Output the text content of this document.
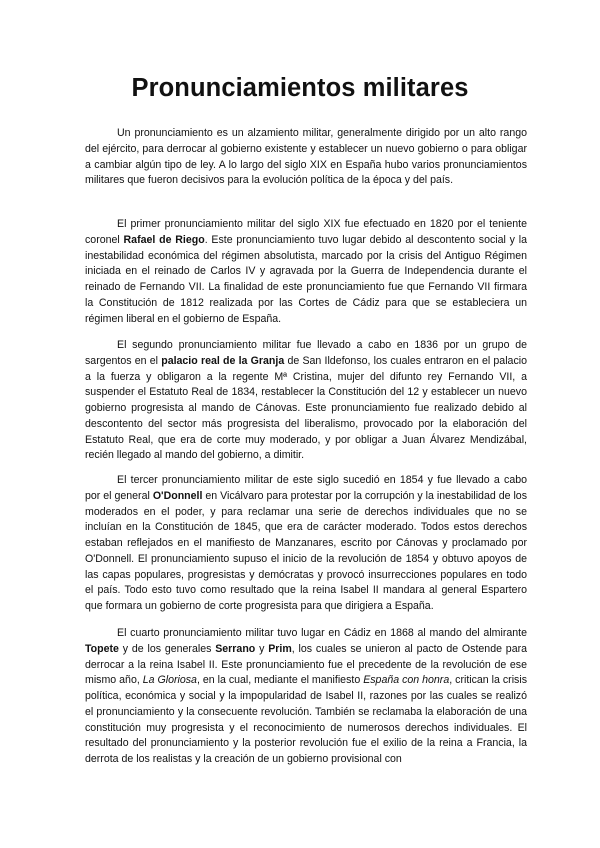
Pronunciamientos militares

Un pronunciamiento es un alzamiento militar, generalmente dirigido por un alto rango del ejército, para derrocar al gobierno existente y establecer un nuevo gobierno o para obligar a cambiar algún tipo de ley. A lo largo del siglo XIX en España hubo varios pronunciamientos militares que fueron decisivos para la evolución política de la época y del país.

El primer pronunciamiento militar del siglo XIX fue efectuado en 1820 por el teniente coronel Rafael de Riego. Este pronunciamiento tuvo lugar debido al descontento social y la inestabilidad económica del régimen absolutista, marcado por la crisis del Antiguo Régimen iniciada en el reinado de Carlos IV y agravada por la Guerra de Independencia durante el reinado de Fernando VII. La finalidad de este pronunciamiento fue que Fernando VII firmara la Constitución de 1812 realizada por las Cortes de Cádiz para que se estableciera un régimen liberal en el gobierno de España.

El segundo pronunciamiento militar fue llevado a cabo en 1836 por un grupo de sargentos en el palacio real de la Granja de San Ildefonso, los cuales entraron en el palacio a la fuerza y obligaron a la regente Mª Cristina, mujer del difunto rey Fernando VII, a suspender el Estatuto Real de 1834, restablecer la Constitución del 12 y establecer un nuevo gobierno progresista al mando de Cánovas. Este pronunciamiento fue realizado debido al descontento del sector más progresista del liberalismo, provocado por la elaboración del Estatuto Real, que era de corte muy moderado, y por obligar a Juan Álvarez Mendizábal, recién llegado al mando del gobierno, a dimitir.

El tercer pronunciamiento militar de este siglo sucedió en 1854 y fue llevado a cabo por el general O'Donnell en Vicálvaro para protestar por la corrupción y la inestabilidad de los moderados en el poder, y para reclamar una serie de derechos individuales que no se incluían en la Constitución de 1845, que era de carácter moderado. Todos estos derechos estaban reflejados en el manifiesto de Manzanares, escrito por Cánovas y proclamado por O'Donnell. El pronunciamiento supuso el inicio de la revolución de 1854 y obtuvo apoyos de las capas populares, progresistas y demócratas y provocó insurrecciones populares en todo el país. Todo esto tuvo como resultado que la reina Isabel II mandara al general Espartero que formara un gobierno de corte progresista para que dirigiera a España.

El cuarto pronunciamiento militar tuvo lugar en Cádiz en 1868 al mando del almirante Topete y de los generales Serrano y Prim, los cuales se unieron al pacto de Ostende para derrocar a la reina Isabel II. Este pronunciamiento fue el precedente de la revolución de ese mismo año, La Gloriosa, en la cual, mediante el manifiesto España con honra, critican la crisis política, económica y social y la impopularidad de Isabel II, razones por las cuales se realizó el pronunciamiento y la consecuente revolución. También se reclamaba la elaboración de una constitución muy progresista y el reconocimiento de numerosos derechos individuales. El resultado del pronunciamiento y la posterior revolución fue el exilio de la reina a Francia, la derrota de los realistas y la creación de un gobierno provisional con
